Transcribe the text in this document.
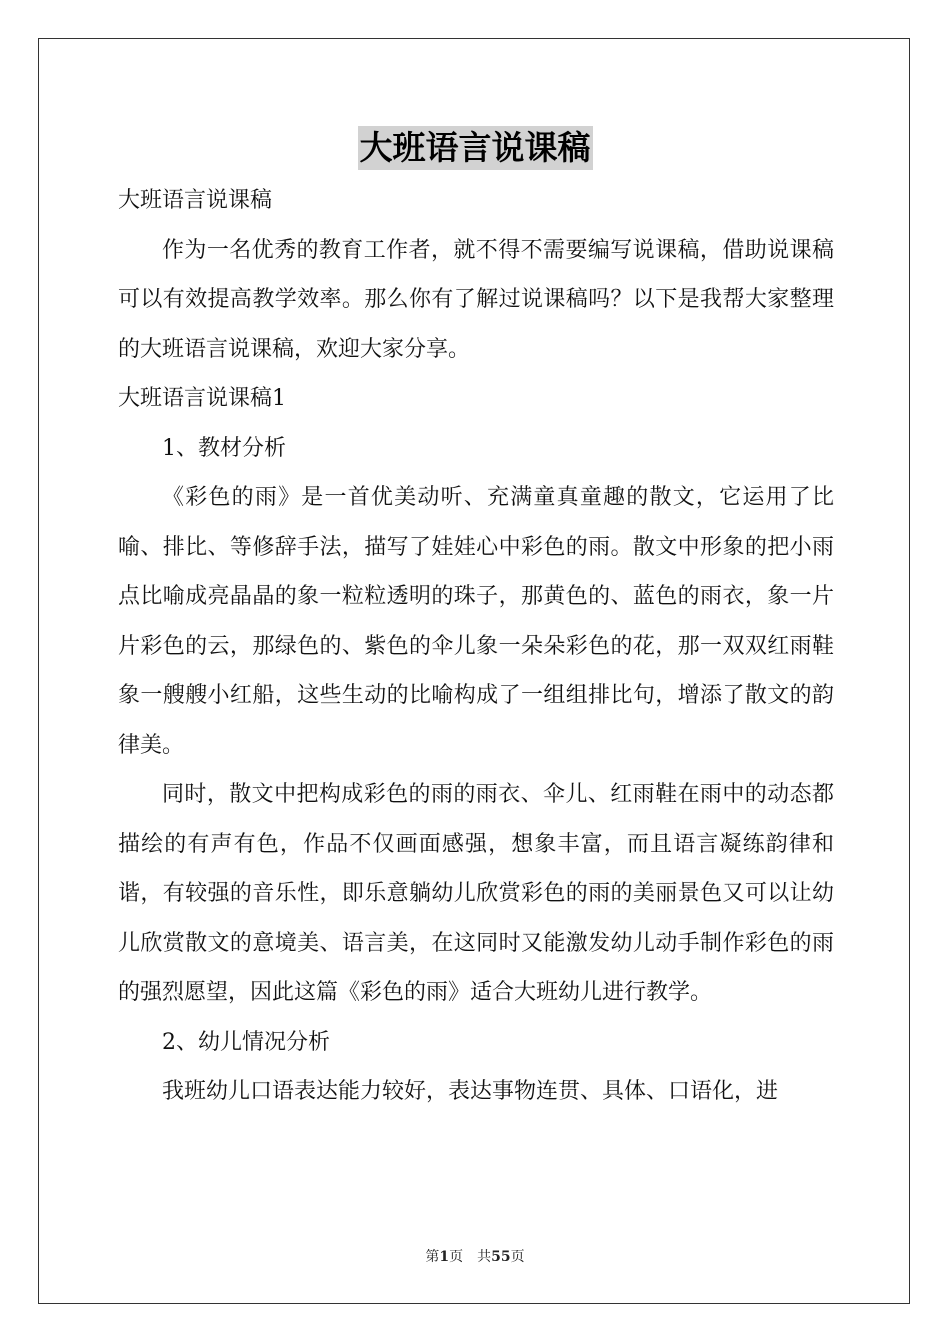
大班语言说课稿

大班语言说课稿

作为一名优秀的教育工作者，就不得不需要编写说课稿，借助说课稿可以有效提高教学效率。那么你有了解过说课稿吗？以下是我帮大家整理的大班语言说课稿，欢迎大家分享。

大班语言说课稿1

1、教材分析

《彩色的雨》是一首优美动听、充满童真童趣的散文，它运用了比喻、排比、等修辞手法，描写了娃娃心中彩色的雨。散文中形象的把小雨点比喻成亮晶晶的象一粒粒透明的珠子，那黄色的、蓝色的雨衣，象一片片彩色的云，那绿色的、紫色的伞儿象一朵朵彩色的花，那一双双红雨鞋象一艘艘小红船，这些生动的比喻构成了一组组排比句，增添了散文的韵律美。

同时，散文中把构成彩色的雨的雨衣、伞儿、红雨鞋在雨中的动态都描绘的有声有色，作品不仅画面感强，想象丰富，而且语言凝练韵律和谐，有较强的音乐性，即乐意躺幼儿欣赏彩色的雨的美丽景色又可以让幼儿欣赏散文的意境美、语言美，在这同时又能激发幼儿动手制作彩色的雨的强烈愿望，因此这篇《彩色的雨》适合大班幼儿进行教学。

2、幼儿情况分析

我班幼儿口语表达能力较好，表达事物连贯、具体、口语化，进

第1页 共55页
